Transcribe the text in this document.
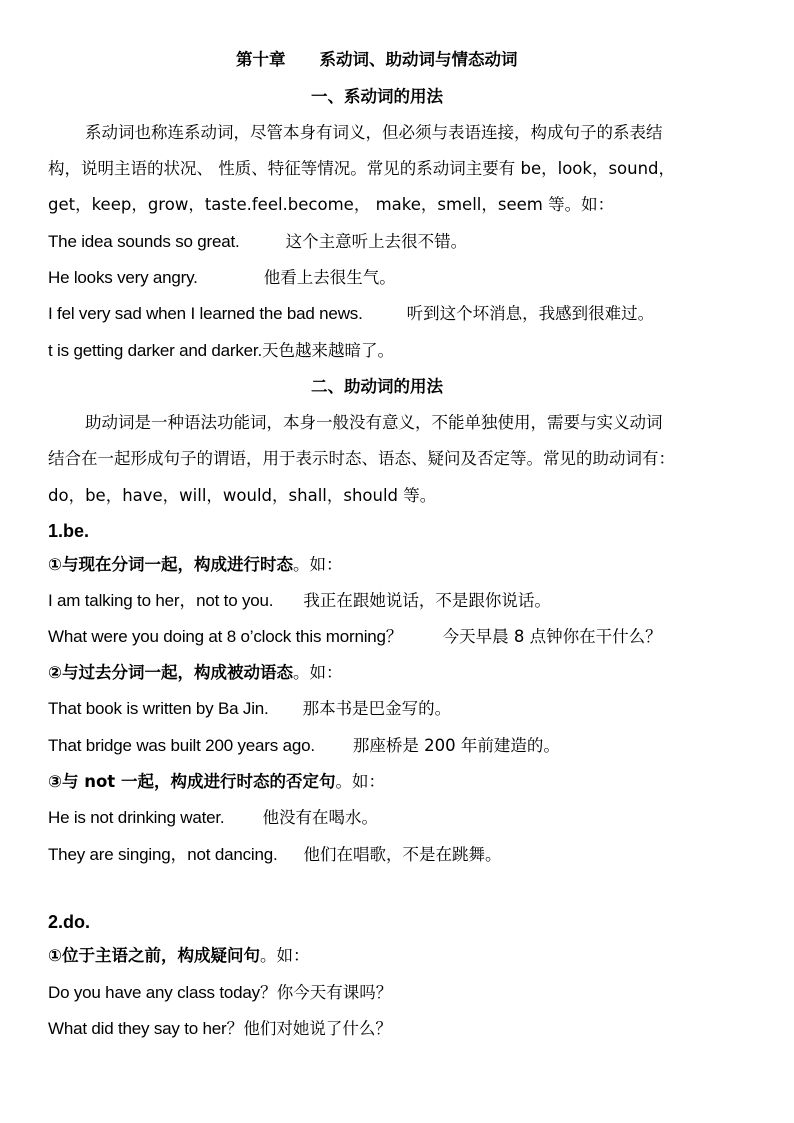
第十章 系动词、助动词与情态动词
一、系动词的用法
系动词也称连系动词，尽管本身有词义，但必须与表语连接，构成句子的系表结
构，说明主语的状况、 性质、特征等情况。常见的系动词主要有 be，look，sound，
get，keep，grow，taste.feel.become， make，smell，seem 等。如：
The idea sounds so great.	这个主意听上去很不错。
He looks very angry.	他看上去很生气。
I fel very sad when I learned the bad news.	听到这个坏消息，我感到很难过。
t is getting darker and darker.天色越来越暗了。
二、助动词的用法
助动词是一种语法功能词，本身一般没有意义，不能单独使用，需要与实义动词
结合在一起形成句子的谓语，用于表示时态、语态、疑问及否定等。常见的助动词有：
do，be，have，will，would，shall，should 等。
1.be.
①与现在分词一起，构成进行时态。如：
I am talking to her，not to you. 我正在跟她说话，不是跟你说话。
What were you doing at 8 o’clock this morning？ 今天早晨 8 点钟你在干什么？
②与过去分词一起，构成被动语态。如：
That book is written by Ba Jin. 那本书是巴金写的。
That bridge was built 200 years ago. 那座桥是 200 年前建造的。
③与 not 一起，构成进行时态的否定句。如：
He is not drinking water. 他没有在喝水。
They are singing，not dancing. 他们在唱歌，不是在跳舞。
2.do.
①位于主语之前，构成疑问句。如：
Do you have any class today？你今天有课吗？
What did they say to her？他们对她说了什么？
